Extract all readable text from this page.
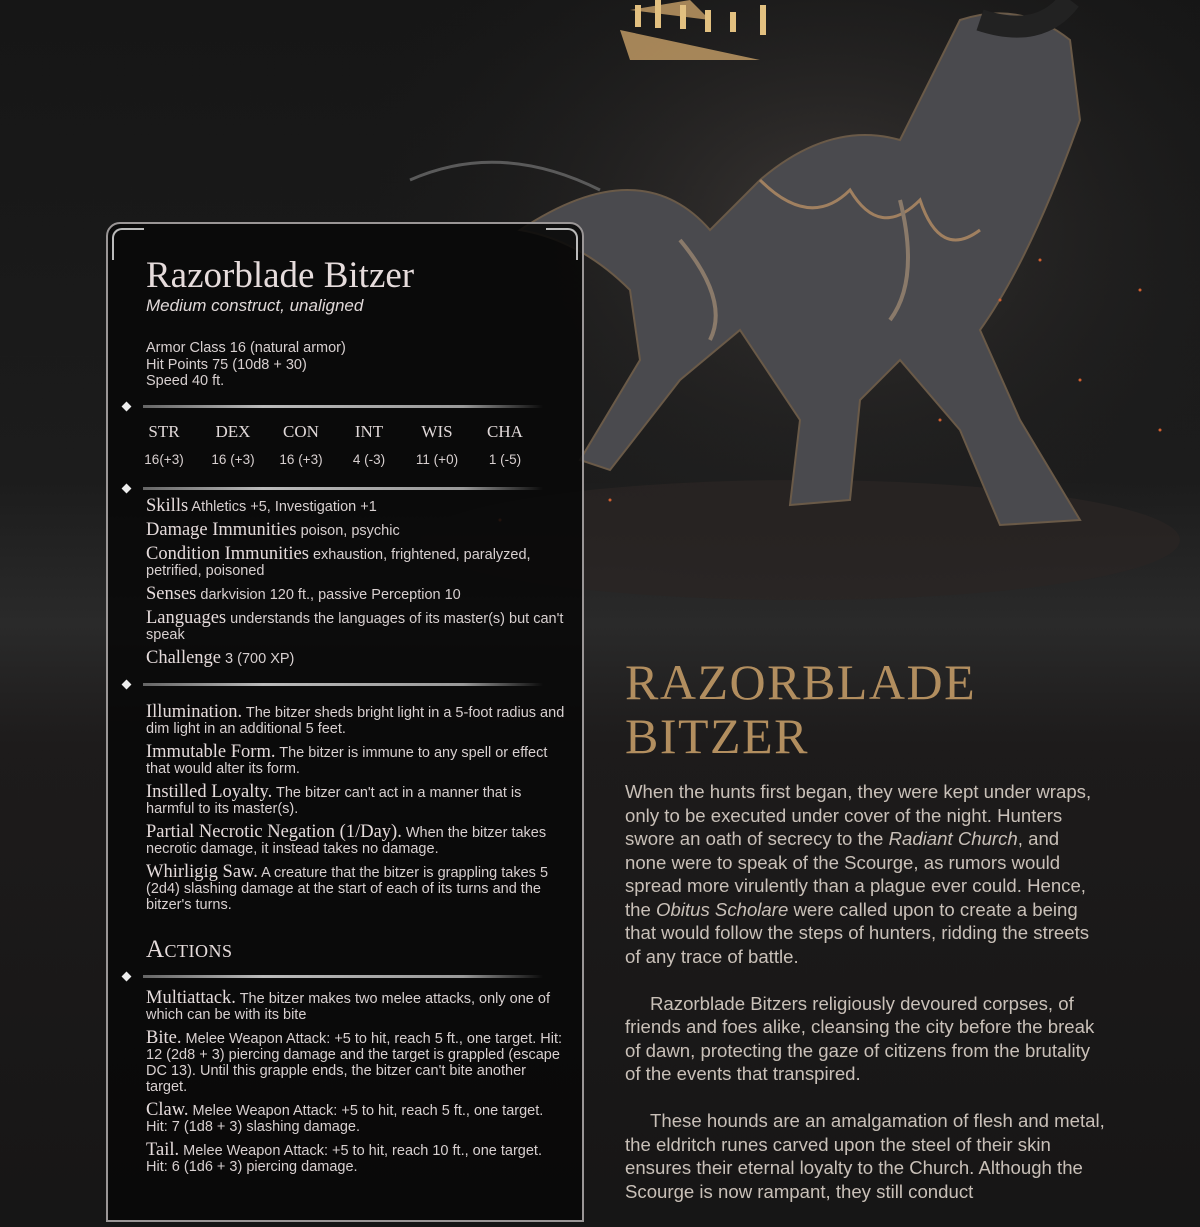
Razorblade Bitzer
Medium construct, unaligned
Armor Class 16 (natural armor)
Hit Points 75 (10d8 + 30)
Speed 40 ft.
STR
16(+3)
DEX
16 (+3)
CON
16 (+3)
INT
4 (-3)
WIS
11 (+0)
CHA
1 (-5)

Skills Athletics +5, Investigation +1

Damage Immunities poison, psychic

Condition Immunities exhaustion, frightened, paralyzed, petrified, poisoned

Senses darkvision 120 ft., passive Perception 10

Languages understands the languages of its master(s) but can't speak

Challenge 3 (700 XP)

Illumination. The bitzer sheds bright light in a 5-foot radius and dim light in an additional 5 feet.

Immutable Form. The bitzer is immune to any spell or effect that would alter its form.

Instilled Loyalty. The bitzer can't act in a manner that is harmful to its master(s).

Partial Necrotic Negation (1/Day). When the bitzer takes necrotic damage, it instead takes no damage.

Whirligig Saw. A creature that the bitzer is grappling takes 5 (2d4) slashing damage at the start of each of its turns and the bitzer's turns.

Actions

Multiattack. The bitzer makes two melee attacks, only one of which can be with its bite

Bite. Melee Weapon Attack: +5 to hit, reach 5 ft., one target. Hit: 12 (2d8 + 3) piercing damage and the target is grappled (escape DC 13). Until this grapple ends, the bitzer can't bite another target.

Claw. Melee Weapon Attack: +5 to hit, reach 5 ft., one target. Hit: 7 (1d8 + 3) slashing damage.

Tail. Melee Weapon Attack: +5 to hit, reach 10 ft., one target. Hit: 6 (1d6 + 3) piercing damage.

RAZORBLADE
BITZER

When the hunts first began, they were kept under wraps, only to be executed under cover of the night. Hunters swore an oath of secrecy to the Radiant Church, and none were to speak of the Scourge, as rumors would spread more virulently than a plague ever could. Hence, the Obitus Scholare were called upon to create a being that would follow the steps of hunters, ridding the streets of any trace of battle.

Razorblade Bitzers religiously devoured corpses, of friends and foes alike, cleansing the city before the break of dawn, protecting the gaze of citizens from the brutality of the events that transpired.

These hounds are an amalgamation of flesh and metal, the eldritch runes carved upon the steel of their skin ensures their eternal loyalty to the Church. Although the Scourge is now rampant, they still conduct
